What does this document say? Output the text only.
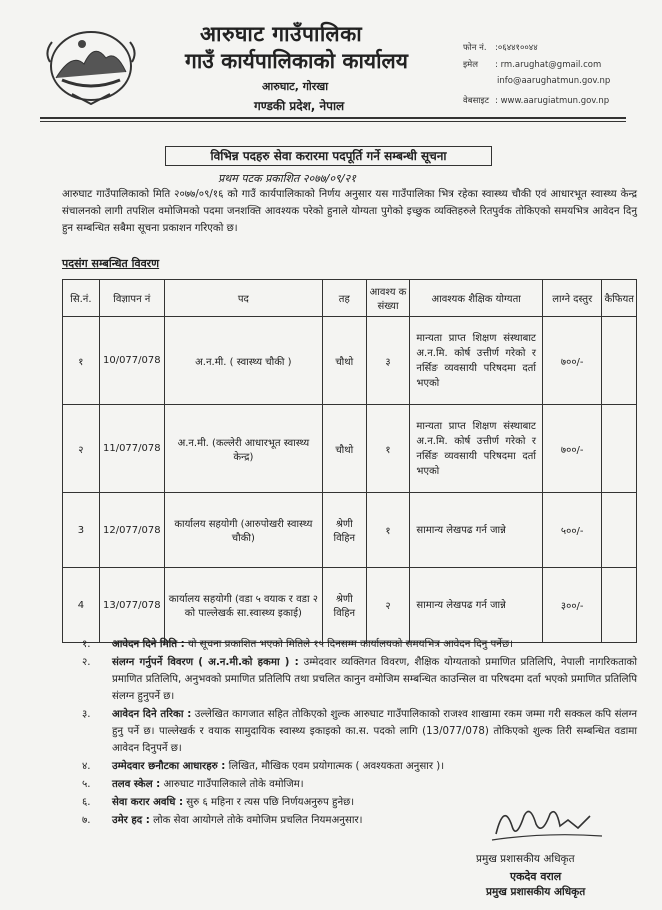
आरुघाट गाउँपालिका
गाउँ कार्यपालिकाको कार्यालय
आरुघाट, गोरखा
गण्डकी प्रदेश, नेपाल
फोन नं. :०६४४१००४४
इमेल : rm.arughat@gmail.com
info@aarughatmun.gov.np
वेबसाइट : www.aarugiatmun.gov.np
विभिन्न पदहरु सेवा करारमा पदपूर्ति गर्ने सम्बन्धी सूचना
प्रथम पटक प्रकाशित २०७७/०९/२१
आरुघाट गाउँपालिकाको मिति २०७७/०९/१६ को गाउँ कार्यपालिकाको निर्णय अनुसार यस गाउँपालिका भित्र रहेका स्वास्थ्य चौकी एवं आधारभूत स्वास्थ्य केन्द्र संचालनको लागी तपशिल वमोजिमको पदमा जनशक्ति आवश्यक परेको हुनाले योग्यता पुगेको इच्छुक व्यक्तिहरुले रितपुर्वक तोकिएको समयभित्र आवेदन दिनु हुन सम्बन्धित सबैमा सूचना प्रकाशन गरिएको छ।
पदसंग सम्बन्धित विवरण
सि.नं.	विज्ञापन नं	पद	तह	आवश्य क संख्या	आवश्यक शैक्षिक योग्यता	लाग्ने दस्तुर	कैफियत
१	10/077/078	अ.न.मी. ( स्वास्थ्य चौकी )	चौथो	३	मान्यता प्राप्त शिक्षण संस्थाबाट अ.न.मि. कोर्ष उत्तीर्ण गरेको र नर्सिङ व्यवसायी परिषदमा दर्ता भएको	७००/-	
२	11/077/078	अ.न.मी. (कल्लेरी आधारभूत स्वास्थ्य केन्द्र)	चौथो	१	मान्यता प्राप्त शिक्षण संस्थाबाट अ.न.मि. कोर्ष उत्तीर्ण गरेको र नर्सिङ व्यवसायी परिषदमा दर्ता भएको	७००/-	
3	12/077/078	कार्यालय सहयोगी (आरुपोखरी स्वास्थ्य चौकी)	श्रेणी विहिन	१	सामान्य लेखपढ गर्न जान्ने	५००/-	
4	13/077/078	कार्यालय सहयोगी (वडा ५ वयाक र वडा २ को पाल्लेखर्क सा.स्वास्थ्य इकाई)	श्रेणी विहिन	२	सामान्य लेखपढ गर्न जान्ने	३००/-	
१.	आवेदन दिने मिति : यो सूचना प्रकाशित भएको मितिले १५ दिनसम्म कार्यालयको समयभित्र आवेदन दिनु पर्नेछ।
२.	संलग्न गर्नुपर्ने विवरण ( अ.न.मी.को हकमा ) : उम्मेदवार व्यक्तिगत विवरण, शैक्षिक योग्यताको प्रमाणित प्रतिलिपि, नेपाली नागरिकताको प्रमाणित प्रतिलिपि, अनुभवको प्रमाणित प्रतिलिपि तथा प्रचलित कानुन वमोजिम सम्बन्धित काउन्सिल वा परिषदमा दर्ता भएको प्रमाणित प्रतिलिपि संलग्न हुनुपर्ने छ।
३.	आवेदन दिने तरिका : उल्लेखित कागजात सहित तोकिएको शुल्क आरुघाट गाउँपालिकाको राजश्व शाखामा रकम जम्मा गरी सक्कल कपि संलग्न हुनु पर्ने छ। पाल्लेखर्क र वयाक सामुदायिक स्वास्थ्य इकाइको का.स. पदको लागि (13/077/078) तोकिएको शुल्क तिरी सम्बन्धित वडामा आवेदन दिनुपर्ने छ।
४.	उम्मेदवार छनौटका आधारहरु : लिखित, मौखिक एवम प्रयोगात्मक ( अवश्यकता अनुसार )।
५.	तलव स्केल : आरुघाट गाउँपालिकाले तोके वमोजिम।
६.	सेवा करार अवधि : सुरु ६ महिना र त्यस पछि निर्णयअनुरुप हुनेछ।
७.	उमेर हद : लोक सेवा आयोगले तोके वमोजिम प्रचलित नियमअनुसार।
प्रमुख प्रशासकीय अधिकृत
एकदेव वराल
प्रमुख प्रशासकीय अधिकृत
